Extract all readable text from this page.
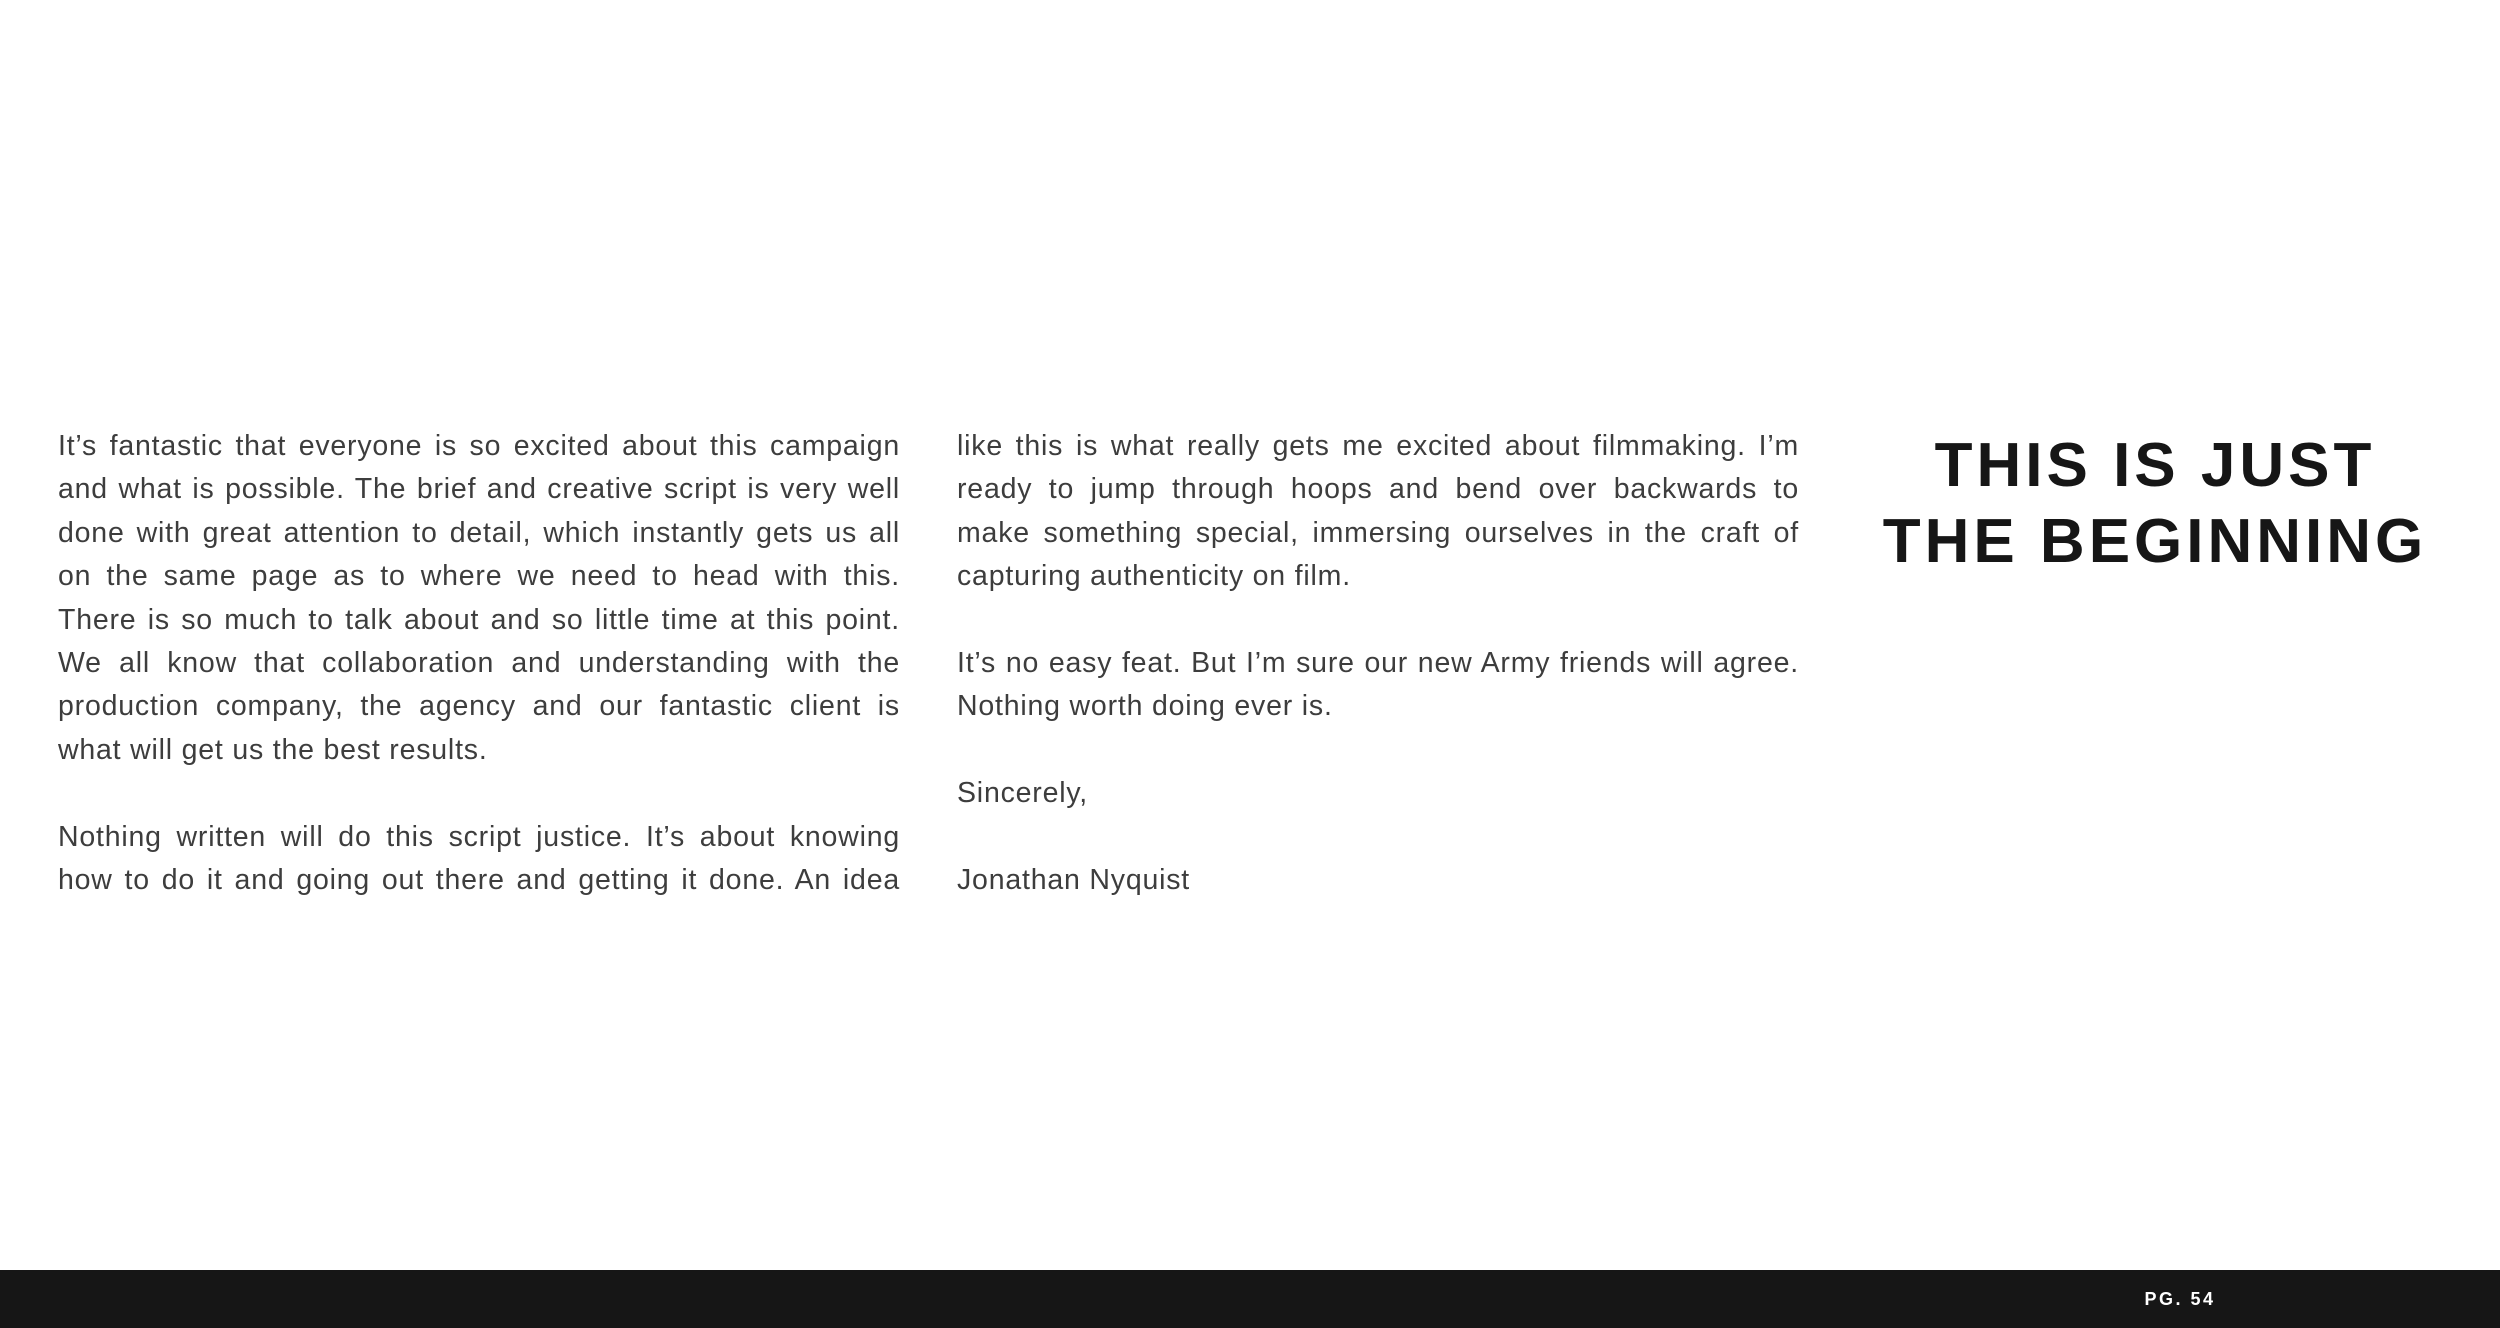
It’s fantastic that everyone is so excited about this campaign and what is possible. The brief and creative script is very well done with great attention to detail, which instantly gets us all on the same page as to where we need to head with this. There is so much to talk about and so little time at this point. We all know that collaboration and understanding with the production company, the agency and our fantastic client is what will get us the best results.

Nothing written will do this script justice. It’s about knowing how to do it and going out there and getting it done. An idea

like this is what really gets me excited about filmmaking. I’m ready to jump through hoops and bend over backwards to make something special, immersing ourselves in the craft of capturing authenticity on film.

It’s no easy feat. But I’m sure our new Army friends will agree. Nothing worth doing ever is.

Sincerely,

Jonathan Nyquist

THIS IS JUST
THE BEGINNING
PG. 54
